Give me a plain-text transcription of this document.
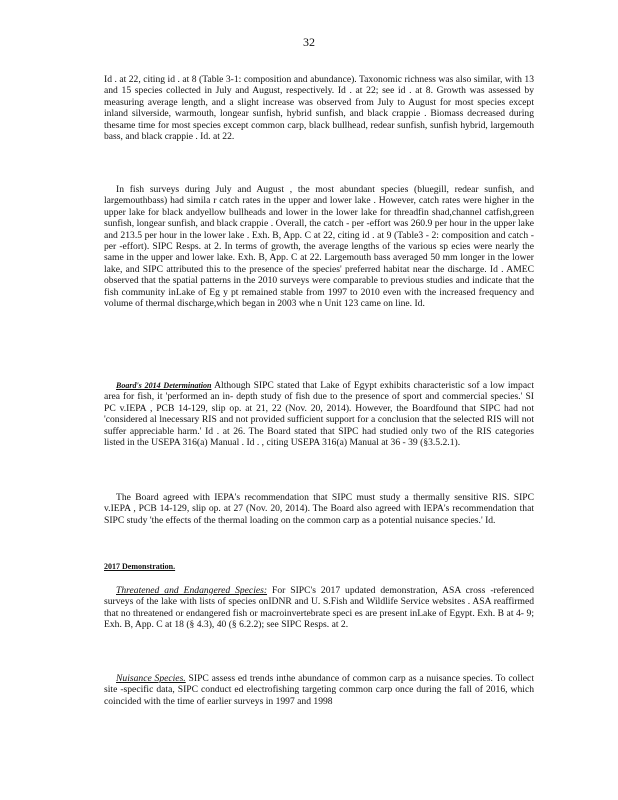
32

Id . at 22, citing id . at 8 (Table 3-1: composition and abundance). Taxonomic richness was also similar, with 13 and 15 species collected in July and August, respectively. Id . at 22; see id . at 8. Growth was assessed by measuring average length, and a slight increase was observed from July to August for most species except inland silverside, warmouth, longear sunfish, hybrid sunfish, and black crappie . Biomass decreased during thesame time for most species except common carp, black bullhead, redear sunfish, sunfish hybrid, largemouth bass, and black crappie . Id. at 22.

In fish surveys during July and August , the most abundant species (bluegill, redear sunfish, and largemouthbass) had simila r catch rates in the upper and lower lake . However, catch rates were higher in the upper lake for black andyellow bullheads and lower in the lower lake for threadfin shad,channel catfish,green sunfish, longear sunfish, and black crappie . Overall, the catch - per -effort was 260.9 per hour in the upper lake and 213.5 per hour in the lower lake . Exh. B, App. C at 22, citing id . at 9 (Table3 - 2: composition and catch -per -effort). SIPC Resps. at 2. In terms of growth, the average lengths of the various sp ecies were nearly the same in the upper and lower lake. Exh. B, App. C at 22. Largemouth bass averaged 50 mm longer in the lower lake, and SIPC attributed this to the presence of the species' preferred habitat near the discharge. Id . AMEC observed that the spatial patterns in the 2010 surveys were comparable to previous studies and indicate that the fish community inLake of Eg y pt remained stable from 1997 to 2010 even with the increased frequency and volume of thermal discharge,which began in 2003 whe n Unit 123 came on line. Id.

Board's 2014 Determination Although SIPC stated that Lake of Egypt exhibits characteristic sof a low impact area for fish, it 'performed an in- depth study of fish due to the presence of sport and commercial species.' SI PC v.IEPA , PCB 14-129, slip op. at 21, 22 (Nov. 20, 2014). However, the Boardfound that SIPC had not 'considered al lnecessary RIS and not provided sufficient support for a conclusion that the selected RIS will not suffer appreciable harm.' Id . at 26. The Board stated that SIPC had studied only two of the RIS categories listed in the USEPA 316(a) Manual . Id . , citing USEPA 316(a) Manual at 36 - 39 (§3.5.2.1).

The Board agreed with IEPA's recommendation that SIPC must study a thermally sensitive RIS. SIPC v.IEPA , PCB 14-129, slip op. at 27 (Nov. 20, 2014). The Board also agreed with IEPA's recommendation that SIPC study 'the effects of the thermal loading on the common carp as a potential nuisance species.' Id.

2017 Demonstration.

Threatened and Endangered Species: For SIPC's 2017 updated demonstration, ASA cross -referenced surveys of the lake with lists of species onIDNR and U. S.Fish and Wildlife Service websites . ASA reaffirmed that no threatened or endangered fish or macroinvertebrate speci es are present inLake of Egypt. Exh. B at 4- 9; Exh. B, App. C at 18 (§ 4.3), 40 (§ 6.2.2); see SIPC Resps. at 2.

Nuisance Species. SIPC assess ed trends inthe abundance of common carp as a nuisance species. To collect site -specific data, SIPC conduct ed electrofishing targeting common carp once during the fall of 2016, which coincided with the time of earlier surveys in 1997 and 1998
